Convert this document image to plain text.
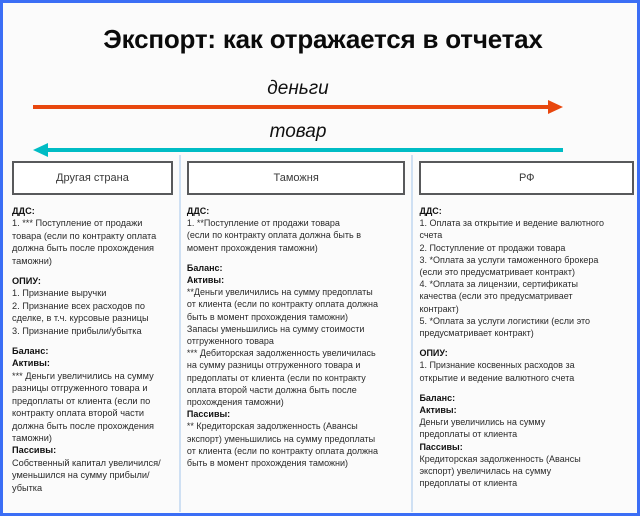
Экспорт: как отражается в отчетах
деньги
товар
Другая страна
ДДС:
1. *** Поступление от продажи
товара (если по контракту оплата
должна быть после прохождения
таможни)
ОПИУ:
1. Признание выручки
2. Признание всех расходов по
сделке, в т.ч. курсовые разницы
3. Признание прибыли/убытка
Баланс:
Активы:
*** Деньги увеличились на сумму
разницы отгруженного товара и
предоплаты от клиента (если по
контракту оплата второй части
должна быть после прохождения
таможни)
Пассивы:
Собственный капитал увеличился/
уменьшился на сумму прибыли/
убытка
Таможня
ДДС:
1. **Поступление от продажи товара
(если по контракту оплата должна быть в
момент прохождения таможни)
Баланс:
Активы:
**Деньги увеличились на сумму предоплаты
от клиента (если по контракту оплата должна
быть в момент прохождения таможни)
Запасы уменьшились на сумму стоимости
отгруженного товара
*** Дебиторская задолженность увеличилась
на сумму разницы отгруженного товара и
предоплаты от клиента (если по контракту
оплата второй части должна быть после
прохождения таможни)
Пассивы:
** Кредиторская задолженность (Авансы
экспорт) уменьшились на сумму предоплаты
от клиента (если по контракту оплата должна
быть в момент прохождения таможни)
РФ
ДДС:
1. Оплата за открытие и ведение валютного
счета
2. Поступление от продажи товара
3. *Оплата за услуги таможенного брокера
(если это предусматривает контракт)
4. *Оплата за лицензии, сертификаты
качества (если это предусматривает
контракт)
5. *Оплата за услуги логистики (если это
предусматривает контракт)
ОПИУ:
1. Признание косвенных расходов за
открытие и ведение валютного счета
Баланс:
Активы:
Деньги увеличились на сумму
предоплаты от клиента
Пассивы:
Кредиторская задолженность (Авансы
экспорт) увеличилась на сумму
предоплаты от клиента
